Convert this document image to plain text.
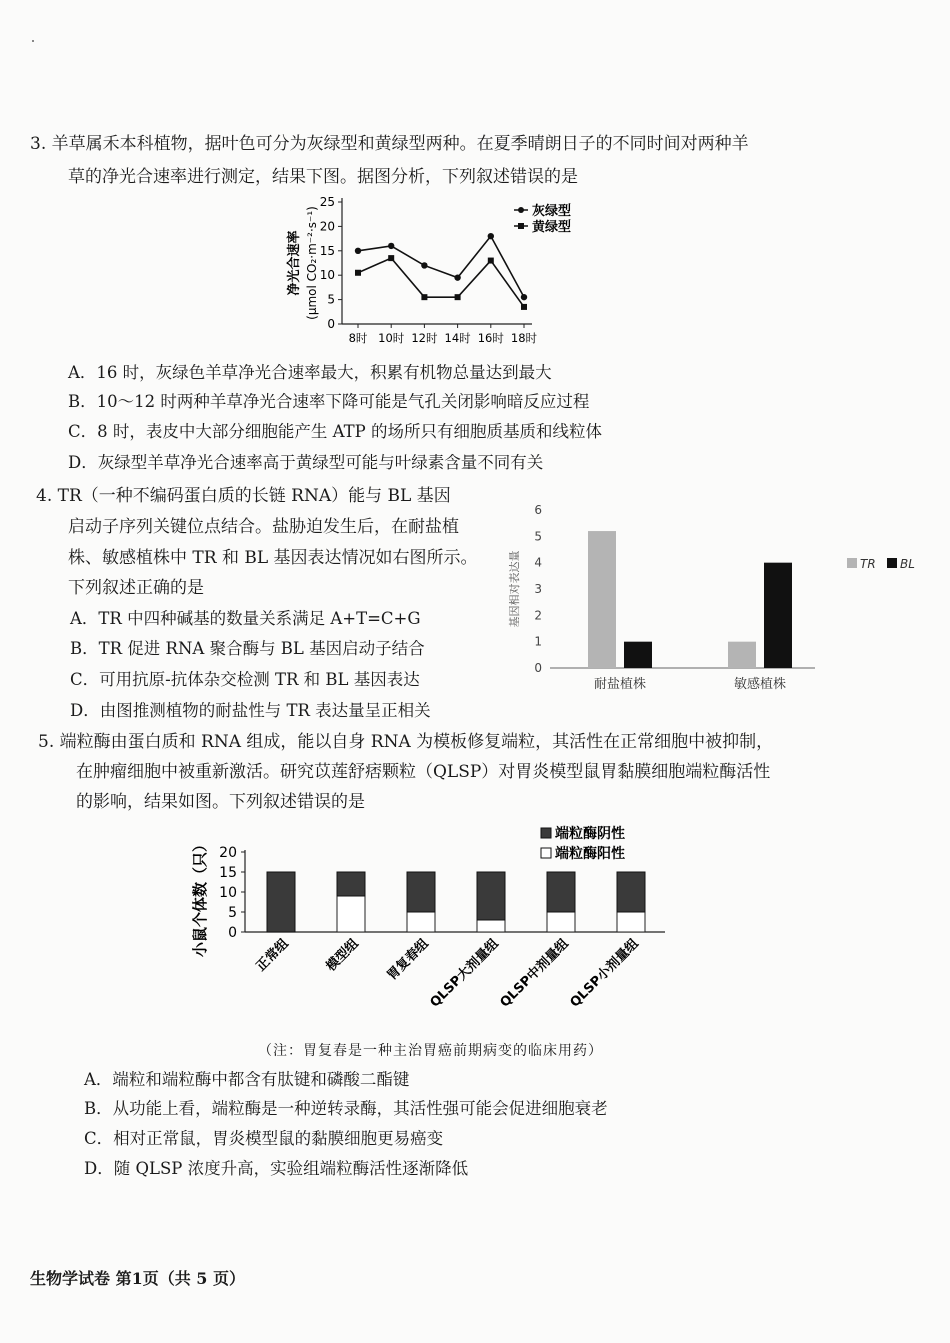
3. 羊草属禾本科植物，据叶色可分为灰绿型和黄绿型两种。在夏季晴朗日子的不同时间对两种羊
草的净光合速率进行测定，结果下图。据图分析，下列叙述错误的是
0
5
10
15
20
25
8时 10时 12时 14时 16时 18时
净光合速率 (μmol CO₂·m⁻²·s⁻¹)	灰绿型
黄绿型
A．16 时，灰绿色羊草净光合速率最大，积累有机物总量达到最大
B．10～12 时两种羊草净光合速率下降可能是气孔关闭影响暗反应过程
C．8 时，表皮中大部分细胞能产生 ATP 的场所只有细胞质基质和线粒体
D．灰绿型羊草净光合速率高于黄绿型可能与叶绿素含量不同有关
4. TR（一种不编码蛋白质的长链 RNA）能与 BL 基因
启动子序列关键位点结合。盐胁迫发生后，在耐盐植
株、敏感植株中 TR 和 BL 基因表达情况如右图所示。
下列叙述正确的是
A．TR 中四种碱基的数量关系满足 A+T=C+G
B．TR 促进 RNA 聚合酶与 BL 基因启动子结合
C．可用抗原-抗体杂交检测 TR 和 BL 基因表达
D．由图推测植物的耐盐性与 TR 表达量呈正相关
0
1
2
3
4
5
6
基因相对表达量
耐盐植株	敏感植株
TR BL
5. 端粒酶由蛋白质和 RNA 组成，能以自身 RNA 为模板修复端粒，其活性在正常细胞中被抑制，
在肿瘤细胞中被重新激活。研究苡莲舒痞颗粒（QLSP）对胃炎模型鼠胃黏膜细胞端粒酶活性
的影响，结果如图。下列叙述错误的是
0
5
10
15
20
小鼠个体数（只）	正常组 模型组 胃复春组
QLSP大剂量组
QLSP中剂量组
QLSP小剂量组
端粒酶阴性
端粒酶阳性
（注：胃复春是一种主治胃癌前期病变的临床用药）
A．端粒和端粒酶中都含有肽键和磷酸二酯键
B．从功能上看，端粒酶是一种逆转录酶，其活性强可能会促进细胞衰老
C．相对正常鼠，胃炎模型鼠的黏膜细胞更易癌变
D．随 QLSP 浓度升高，实验组端粒酶活性逐渐降低
生物学试卷 第1页（共 5 页）
